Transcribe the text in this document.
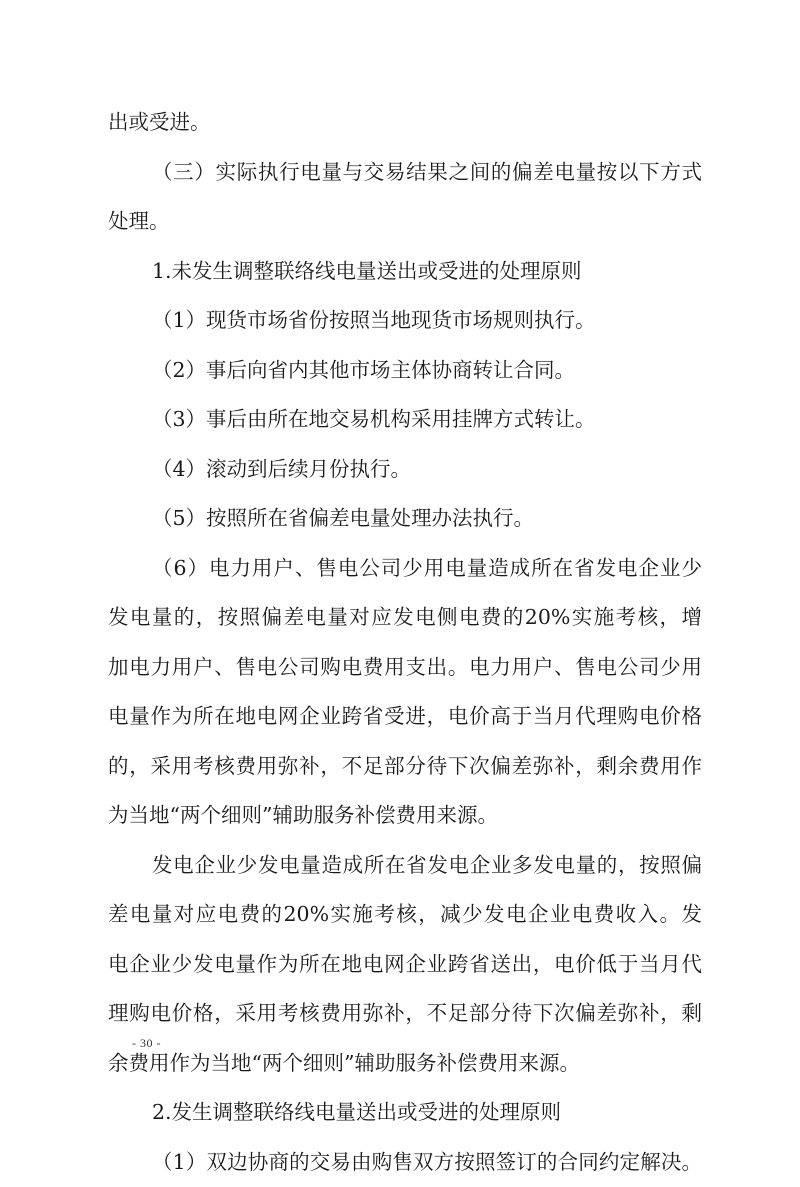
出或受进。
（三）实际执行电量与交易结果之间的偏差电量按以下方式
处理。
1.未发生调整联络线电量送出或受进的处理原则
（1）现货市场省份按照当地现货市场规则执行。
（2）事后向省内其他市场主体协商转让合同。
（3）事后由所在地交易机构采用挂牌方式转让。
（4）滚动到后续月份执行。
（5）按照所在省偏差电量处理办法执行。
（6）电力用户、售电公司少用电量造成所在省发电企业少
发电量的，按照偏差电量对应发电侧电费的20%实施考核，增
加电力用户、售电公司购电费用支出。电力用户、售电公司少用
电量作为所在地电网企业跨省受进，电价高于当月代理购电价格
的，采用考核费用弥补，不足部分待下次偏差弥补，剩余费用作
为当地“两个细则”辅助服务补偿费用来源。
发电企业少发电量造成所在省发电企业多发电量的，按照偏
差电量对应电费的20%实施考核，减少发电企业电费收入。发
电企业少发电量作为所在地电网企业跨省送出，电价低于当月代
理购电价格，采用考核费用弥补，不足部分待下次偏差弥补，剩
余费用作为当地“两个细则”辅助服务补偿费用来源。
2.发生调整联络线电量送出或受进的处理原则
（1）双边协商的交易由购售双方按照签订的合同约定解决。
- 30 -
